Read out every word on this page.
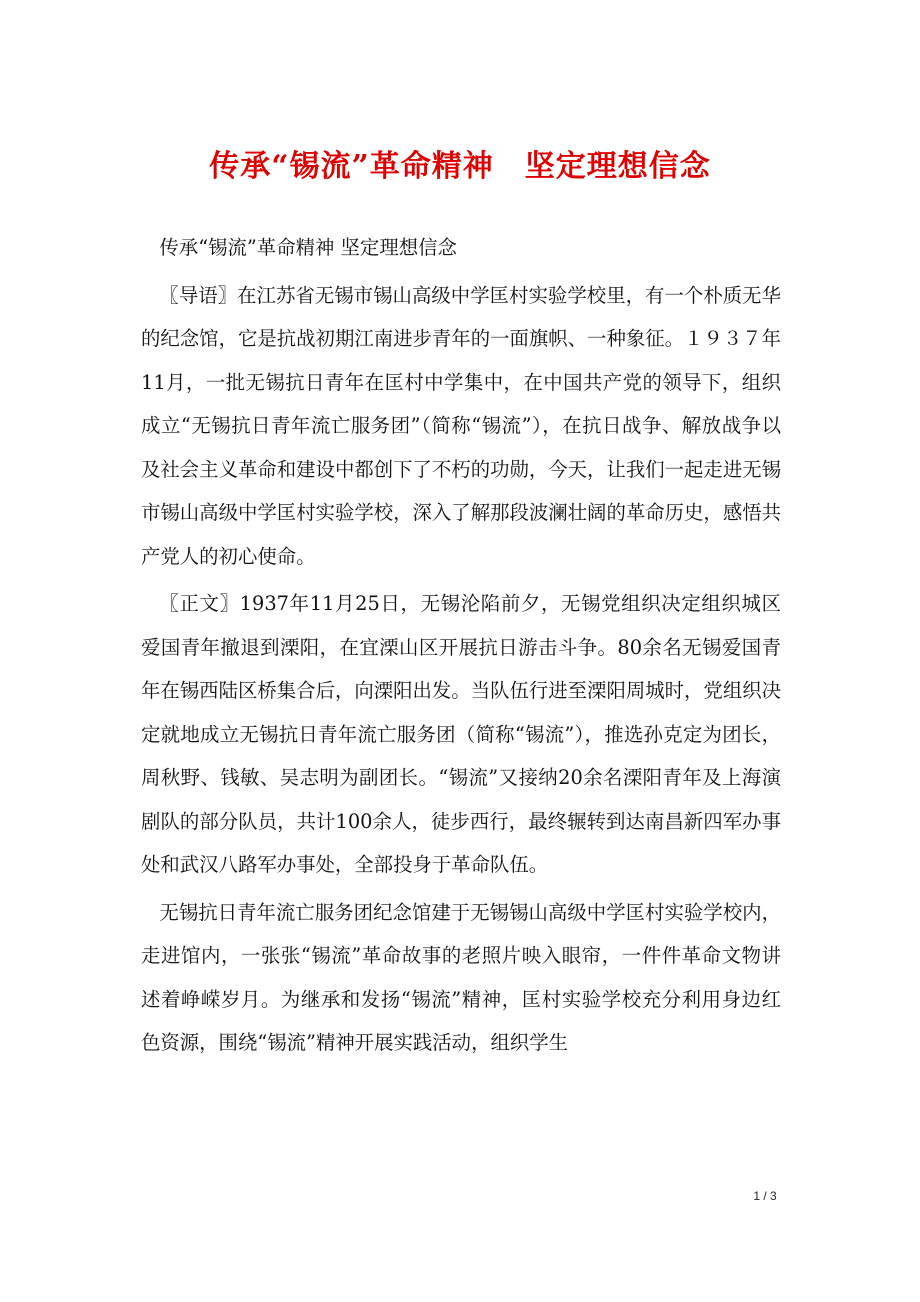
传承“锡流”革命精神　坚定理想信念

传承“锡流”革命精神 坚定理想信念

〖导语〗在江苏省无锡市锡山高级中学匡村实验学校里，有一个朴质无华的纪念馆，它是抗战初期江南进步青年的一面旗帜、一种象征。１９３７年11月，一批无锡抗日青年在匡村中学集中，在中国共产党的领导下，组织成立“无锡抗日青年流亡服务团”（简称“锡流”），在抗日战争、解放战争以及社会主义革命和建设中都创下了不朽的功勋，今天，让我们一起走进无锡市锡山高级中学匡村实验学校，深入了解那段波澜壮阔的革命历史，感悟共产党人的初心使命。

〖正文〗1937年11月25日，无锡沦陷前夕，无锡党组织决定组织城区爱国青年撤退到溧阳，在宜溧山区开展抗日游击斗争。80余名无锡爱国青年在锡西陆区桥集合后，向溧阳出发。当队伍行进至溧阳周城时，党组织决定就地成立无锡抗日青年流亡服务团（简称“锡流”），推选孙克定为团长，周秋野、钱敏、吴志明为副团长。“锡流”又接纳20余名溧阳青年及上海演剧队的部分队员，共计100余人，徒步西行，最终辗转到达南昌新四军办事处和武汉八路军办事处，全部投身于革命队伍。

无锡抗日青年流亡服务团纪念馆建于无锡锡山高级中学匡村实验学校内，走进馆内，一张张“锡流”革命故事的老照片映入眼帘，一件件革命文物讲述着峥嵘岁月。为继承和发扬“锡流”精神，匡村实验学校充分利用身边红色资源，围绕“锡流”精神开展实践活动，组织学生

1 / 3
